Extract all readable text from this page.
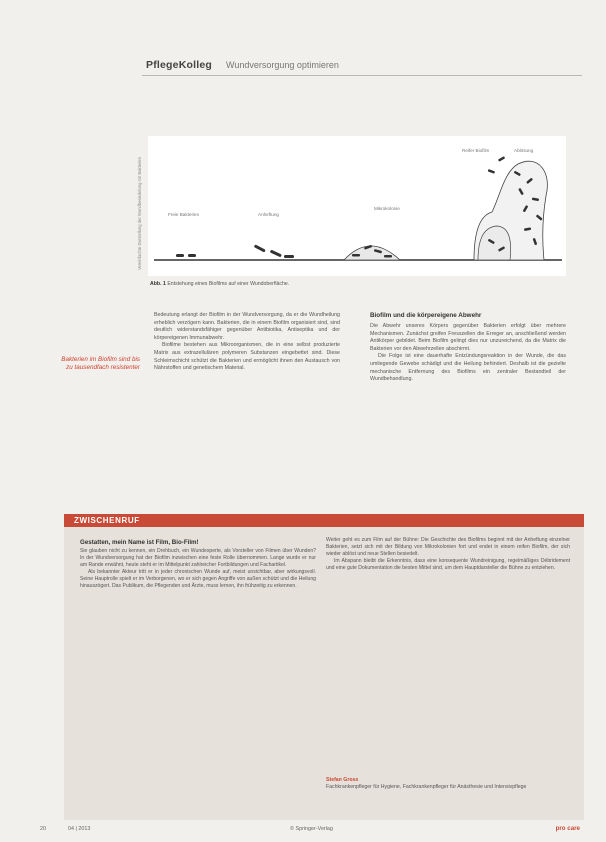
PflegeKolleg Wundversorgung optimieren
Vereinfachte Darstellung der Wundbesiedelung mit Bakterien	Freie Bakterien	Anheftung
Mikrokolonie
Reifer Biofilm	Ablösung
Abb. 1 Entstehung eines Biofilms auf einer Wundoberfläche.

Bedeutung erlangt der Biofilm in der Wundversorgung, da er die Wundheilung erheblich verzögern kann. Bakterien, die in einem Biofilm organisiert sind, sind deutlich widerstandsfähiger gegenüber Antibiotika, Antiseptika und der körpereigenen Immunabwehr.

Biofilme bestehen aus Mikroorganismen, die in eine selbst produzierte Matrix aus extrazellulären polymeren Substanzen eingebettet sind. Diese Schleimschicht schützt die Bakterien und ermöglicht ihnen den Austausch von Nährstoffen und genetischem Material.

Bakterien im Biofilm sind bis zu tausendfach resistenter
Biofilm und die körpereigene Abwehr

Die Abwehr unseres Körpers gegenüber Bakterien erfolgt über mehrere Mechanismen. Zunächst greifen Fresszellen die Erreger an, anschließend werden Antikörper gebildet. Beim Biofilm gelingt dies nur unzureichend, da die Matrix die Bakterien vor den Abwehrzellen abschirmt.

Die Folge ist eine dauerhafte Entzündungsreaktion in der Wunde, die das umliegende Gewebe schädigt und die Heilung behindert. Deshalb ist die gezielte mechanische Entfernung des Biofilms ein zentraler Bestandteil der Wundbehandlung.

ZWISCHENRUF
Gestatten, mein Name ist Film, Bio-Film!

Sie glauben nicht zu kennen, ein Drehbuch, ein Wundexperte, als Vorsteller von Filmen über Wunden? In der Wundversorgung hat der Biofilm inzwischen eine feste Rolle übernommen. Lange wurde er nur am Rande erwähnt, heute steht er im Mittelpunkt zahlreicher Fortbildungen und Fachartikel.

Als bekannter Akteur tritt er in jeder chronischen Wunde auf, meist unsichtbar, aber wirkungsvoll. Seine Hauptrolle spielt er im Verborgenen, wo er sich gegen Angriffe von außen schützt und die Heilung hinauszögert. Das Publikum, die Pflegenden und Ärzte, muss lernen, ihn frühzeitig zu erkennen.

Weiter geht es zum Film auf der Bühne: Die Geschichte des Biofilms beginnt mit der Anheftung einzelner Bakterien, setzt sich mit der Bildung von Mikrokolonien fort und endet in einem reifen Biofilm, der sich wieder ablöst und neue Stellen besiedelt.

Im Abspann bleibt die Erkenntnis, dass eine konsequente Wundreinigung, regelmäßiges Débridement und eine gute Dokumentation die besten Mittel sind, um dem Hauptdarsteller die Bühne zu entziehen.

Stefan Gross
Fachkrankenpfleger für Hygiene, Fachkrankenpfleger für Anästhesie und Intensivpflege
20	04 | 2013	© Springer-Verlag	pro care
